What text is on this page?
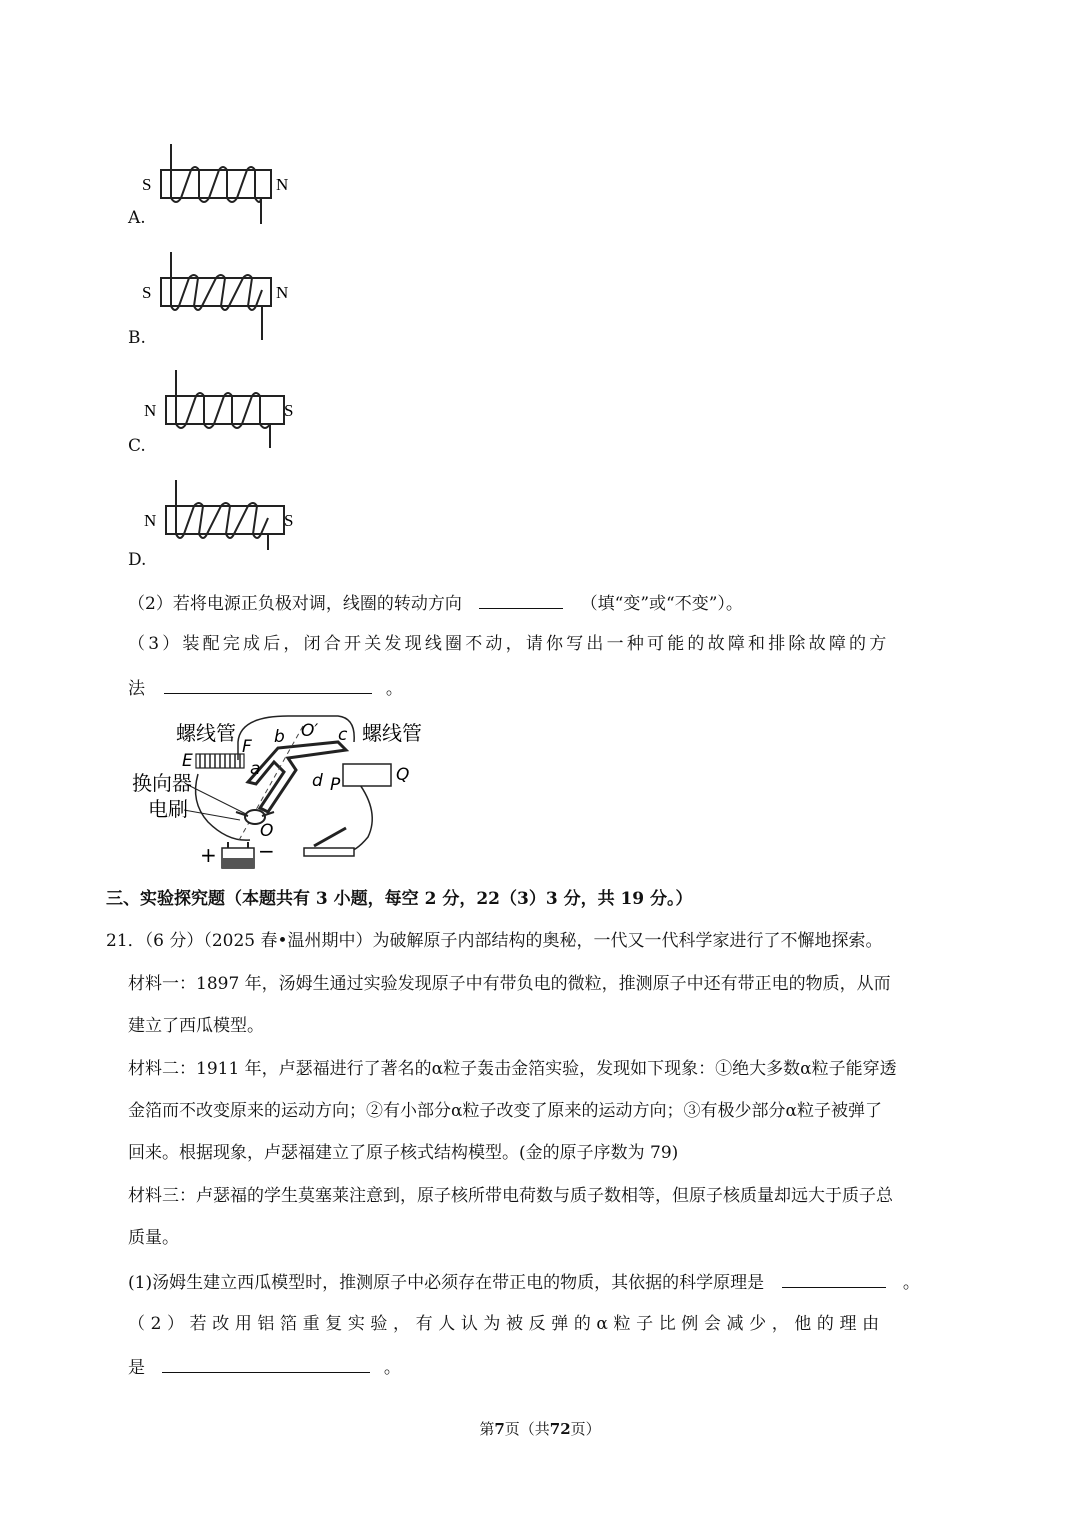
S	N
A.
S	N
B.
N	S
C.
N	S
D.
（2）若将电源正负极对调，线圈的转动方向	（填“变”或“不变”）。
（3）装配完成后，闭合开关发现线圈不动，请你写出一种可能的故障和排除故障的方
法	。
螺线管	螺线管
换向器
电刷
E
F
a
b O′ c
d P	Q
O
+ −
三、实验探究题（本题共有 3 小题，每空 2 分，22（3）3 分，共 19 分。）
21．（6 分）（2025 春•温州期中）为破解原子内部结构的奥秘，一代又一代科学家进行了不懈地探索。
材料一：1897 年，汤姆生通过实验发现原子中有带负电的微粒，推测原子中还有带正电的物质，从而
建立了西瓜模型。
材料二：1911 年，卢瑟福进行了著名的α粒子轰击金箔实验，发现如下现象：①绝大多数α粒子能穿透
金箔而不改变原来的运动方向；②有小部分α粒子改变了原来的运动方向；③有极少部分α粒子被弹了
回来。根据现象，卢瑟福建立了原子核式结构模型。(金的原子序数为 79)
材料三：卢瑟福的学生莫塞莱注意到，原子核所带电荷数与质子数相等，但原子核质量却远大于质子总
质量。
(1)汤姆生建立西瓜模型时，推测原子中必须存在带正电的物质，其依据的科学原理是	。
（2）若改用铝箔重复实验，有人认为被反弹的α粒子比例会减少，他的理由
是	。
第7页（共72页）
